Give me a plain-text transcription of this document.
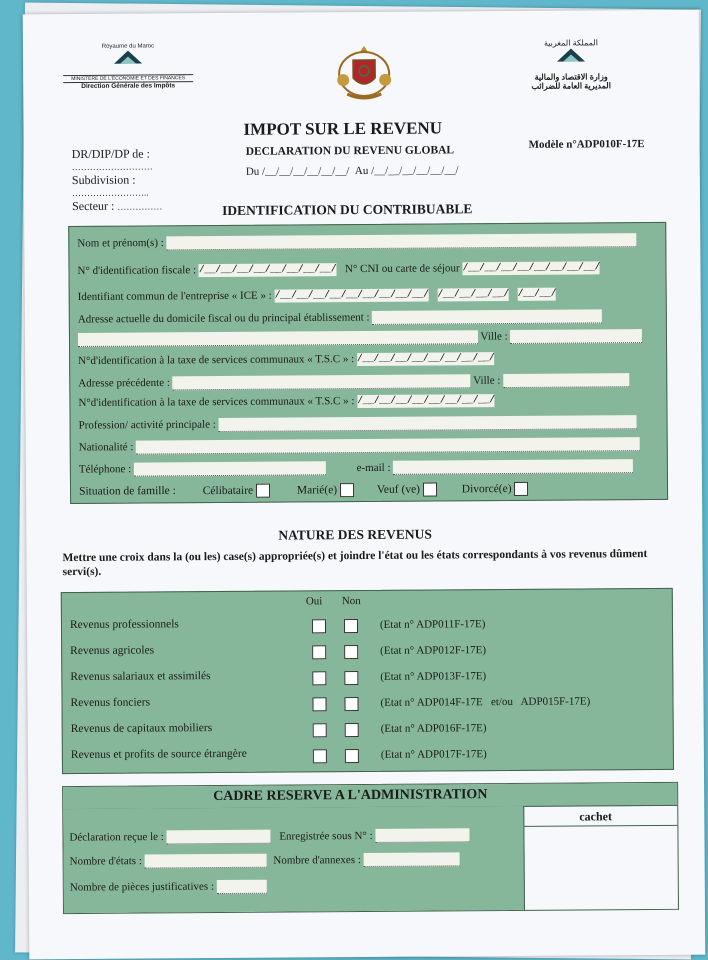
Royaume du Maroc
MINISTÈRE DE L'ÉCONOMIE ET DES FINANCES
Direction Générale des Impôts
المملكة المغربية
وزارة الاقتصاد والمالية
المديرية العامة للضرائب
IMPOT SUR LE REVENU
DECLARATION DU REVENU GLOBAL	Modèle n°ADP010F-17E
DR/DIP/DP de :
………………………
Subdivision :
……………………..
Secteur : ……………
Du /__/__/__/__/__/__/ Au /__/__/__/__/__/__/
IDENTIFICATION DU CONTRIBUABLE
Nom et prénom(s) :
N° d'identification fiscale : /__/__/__/__/__/__/__/__/ N° CNI ou carte de séjour /__/__/__/__/__/__/__/__/
Identifiant commun de l'entreprise « ICE » : /__/__/__/__/__/__/__/__/__/ /__/__/__/__/ /__/__/
Adresse actuelle du domicile fiscal ou du principal établissement :
Ville :
N°d'identification à la taxe de services communaux « T.S.C » : /__/__/__/__/__/__/__/__/
Adresse précédente :	Ville :
N°d'identification à la taxe de services communaux « T.S.C » : /__/__/__/__/__/__/__/__/
Profession/ activité principale :
Nationalité :
Téléphone :	e-mail :
Situation de famille : Célibataire	Marié(e)	Veuf (ve)	Divorcé(e)
NATURE DES REVENUS
Mettre une croix dans la (ou les) case(s) appropriée(s) et joindre l'état ou les états correspondants à vos revenus dûment servi(s).
Oui Non
Revenus professionnels	(Etat n° ADP011F-17E)
Revenus agricoles	(Etat n° ADP012F-17E)
Revenus salariaux et assimilés	(Etat n° ADP013F-17E)
Revenus fonciers	(Etat n° ADP014F-17E   et/ou   ADP015F-17E)
Revenus de capitaux mobiliers	(Etat n° ADP016F-17E)
Revenus et profits de source étrangère	(Etat n° ADP017F-17E)
CADRE RESERVE A L'ADMINISTRATION
cachet
Déclaration reçue le :	Enregistrée sous N° :
Nombre d'états :	Nombre d'annexes :
Nombre de pièces justificatives :
